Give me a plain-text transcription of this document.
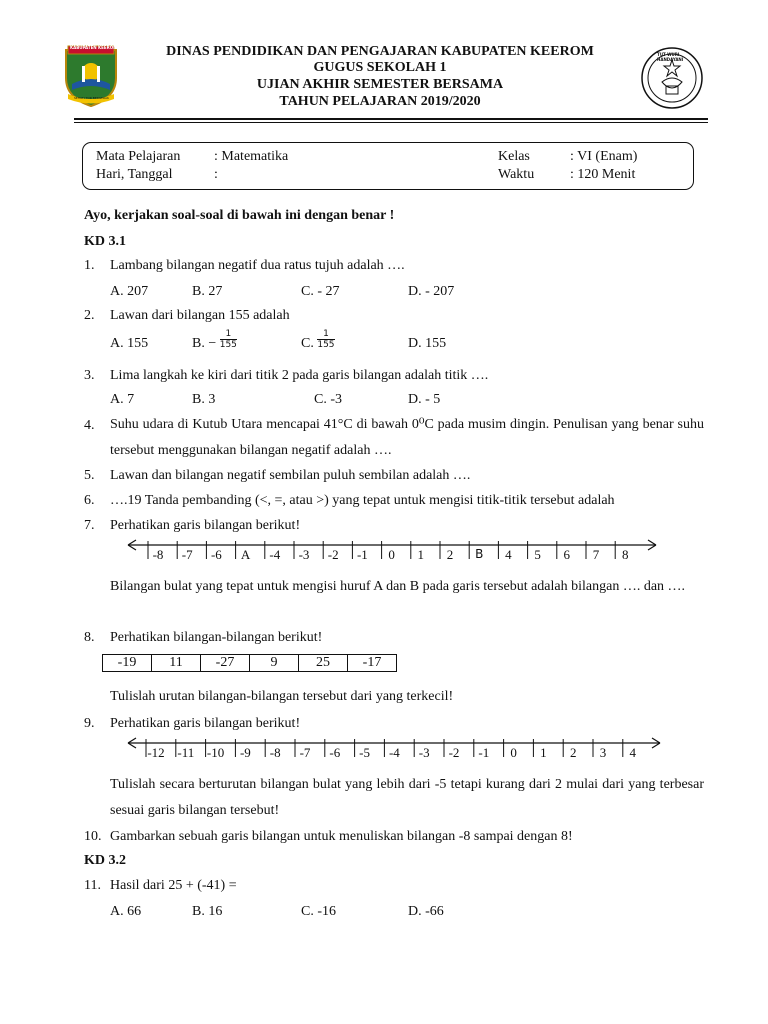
KABUPATEN KEEROM
SEHATI TOR BERGERAK
TUT WURI HANDAYANI
DINAS PENDIDIKAN DAN PENGAJARAN KABUPATEN KEEROM
GUGUS SEKOLAH 1
UJIAN AKHIR SEMESTER BERSAMA
TAHUN PELAJARAN 2019/2020
Mata Pelajaran : Matematika
Hari, Tanggal	:
Kelas	: VI (Enam)
Waktu	: 120 Menit
Ayo, kerjakan soal-soal di bawah ini dengan benar !
KD 3.1
1. Lambang bilangan negatif dua ratus tujuh adalah ….
A. 207	B. 27	C. - 27	D. - 207
2. Lawan dari bilangan 155 adalah
A. 155	B. − $\frac{1}{155}$	C. $\frac{1}{155}$	D. 155
3. Lima langkah ke kiri dari titik 2 pada garis bilangan adalah titik ….
A. 7	B. 3	C. -3	D. - 5
4. Suhu udara di Kutub Utara mencapai 41°C di bawah 0⁰C pada musim dingin. Penulisan yang benar suhu tersebut menggunakan bilangan negatif adalah ….
5. Lawan dan bilangan negatif sembilan puluh sembilan adalah ….
6. ….19 Tanda pembanding (<, =, atau >) yang tepat untuk mengisi titik-titik tersebut adalah
7. Perhatikan garis bilangan berikut!
-8 -7 -6 A -4 -3 -2 -1 0 1 2 B 4 5 6 7 8
Bilangan bulat yang tepat untuk mengisi huruf A dan B pada garis tersebut adalah bilangan …. dan ….
8. Perhatikan bilangan-bilangan berikut!
-19	11	-27	9	25	-17
Tulislah urutan bilangan-bilangan tersebut dari yang terkecil!
9. Perhatikan garis bilangan berikut!
-12 -11 -10 -9 -8 -7 -6 -5 -4 -3 -2 -1 0 1 2 3 4
Tulislah secara berturutan bilangan bulat yang lebih dari -5 tetapi kurang dari 2 mulai dari yang terbesar sesuai garis bilangan tersebut!
10. Gambarkan sebuah garis bilangan untuk menuliskan bilangan -8 sampai dengan 8!
KD 3.2
11. Hasil dari 25 + (-41) =
A. 66	B. 16	C. -16	D. -66
